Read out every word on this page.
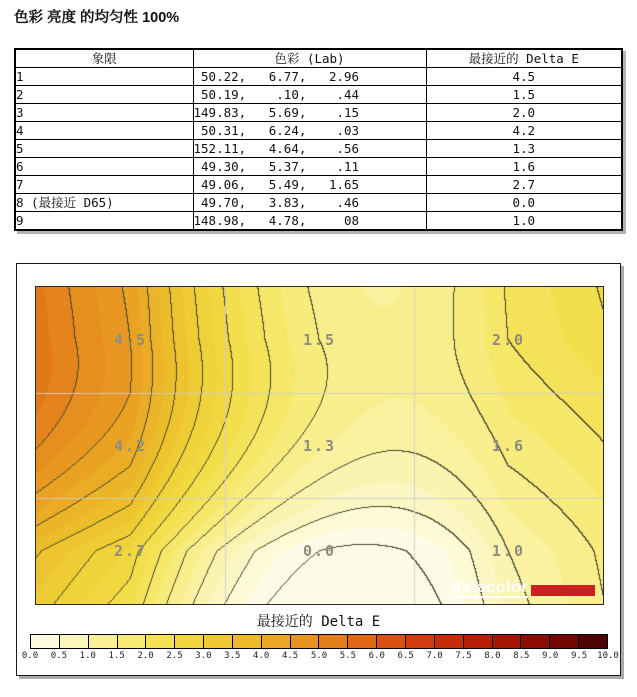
色彩 亮度 的均匀性 100%
象限	色彩 (Lab)	最接近的 Delta E
1	50.22,   6.77,   2.96	4.5
2	50.19,    .10,    .44	1.5
3	149.83,   5.69,    .15	2.0
4	50.31,   6.24,    .03	4.2
5	152.11,   4.64,    .56	1.3
6	49.30,   5.37,    .11	1.6
7	49.06,   5.49,   1.65	2.7
8 (最接近 D65)	49.70,   3.83,    .46	0.0
9	148.98,   4.78,     08	1.0
4.5	1.5	2.0
4.2	1.3	1.6
2.7	0.0	1.0
datacolor
最接近的 Delta E
0.0 0.5 1.0 1.5 2.0 2.5 3.0 3.5 4.0 4.5 5.0 5.5 6.0 6.5 7.0 7.5 8.0 8.5 9.0 9.5 10.0
